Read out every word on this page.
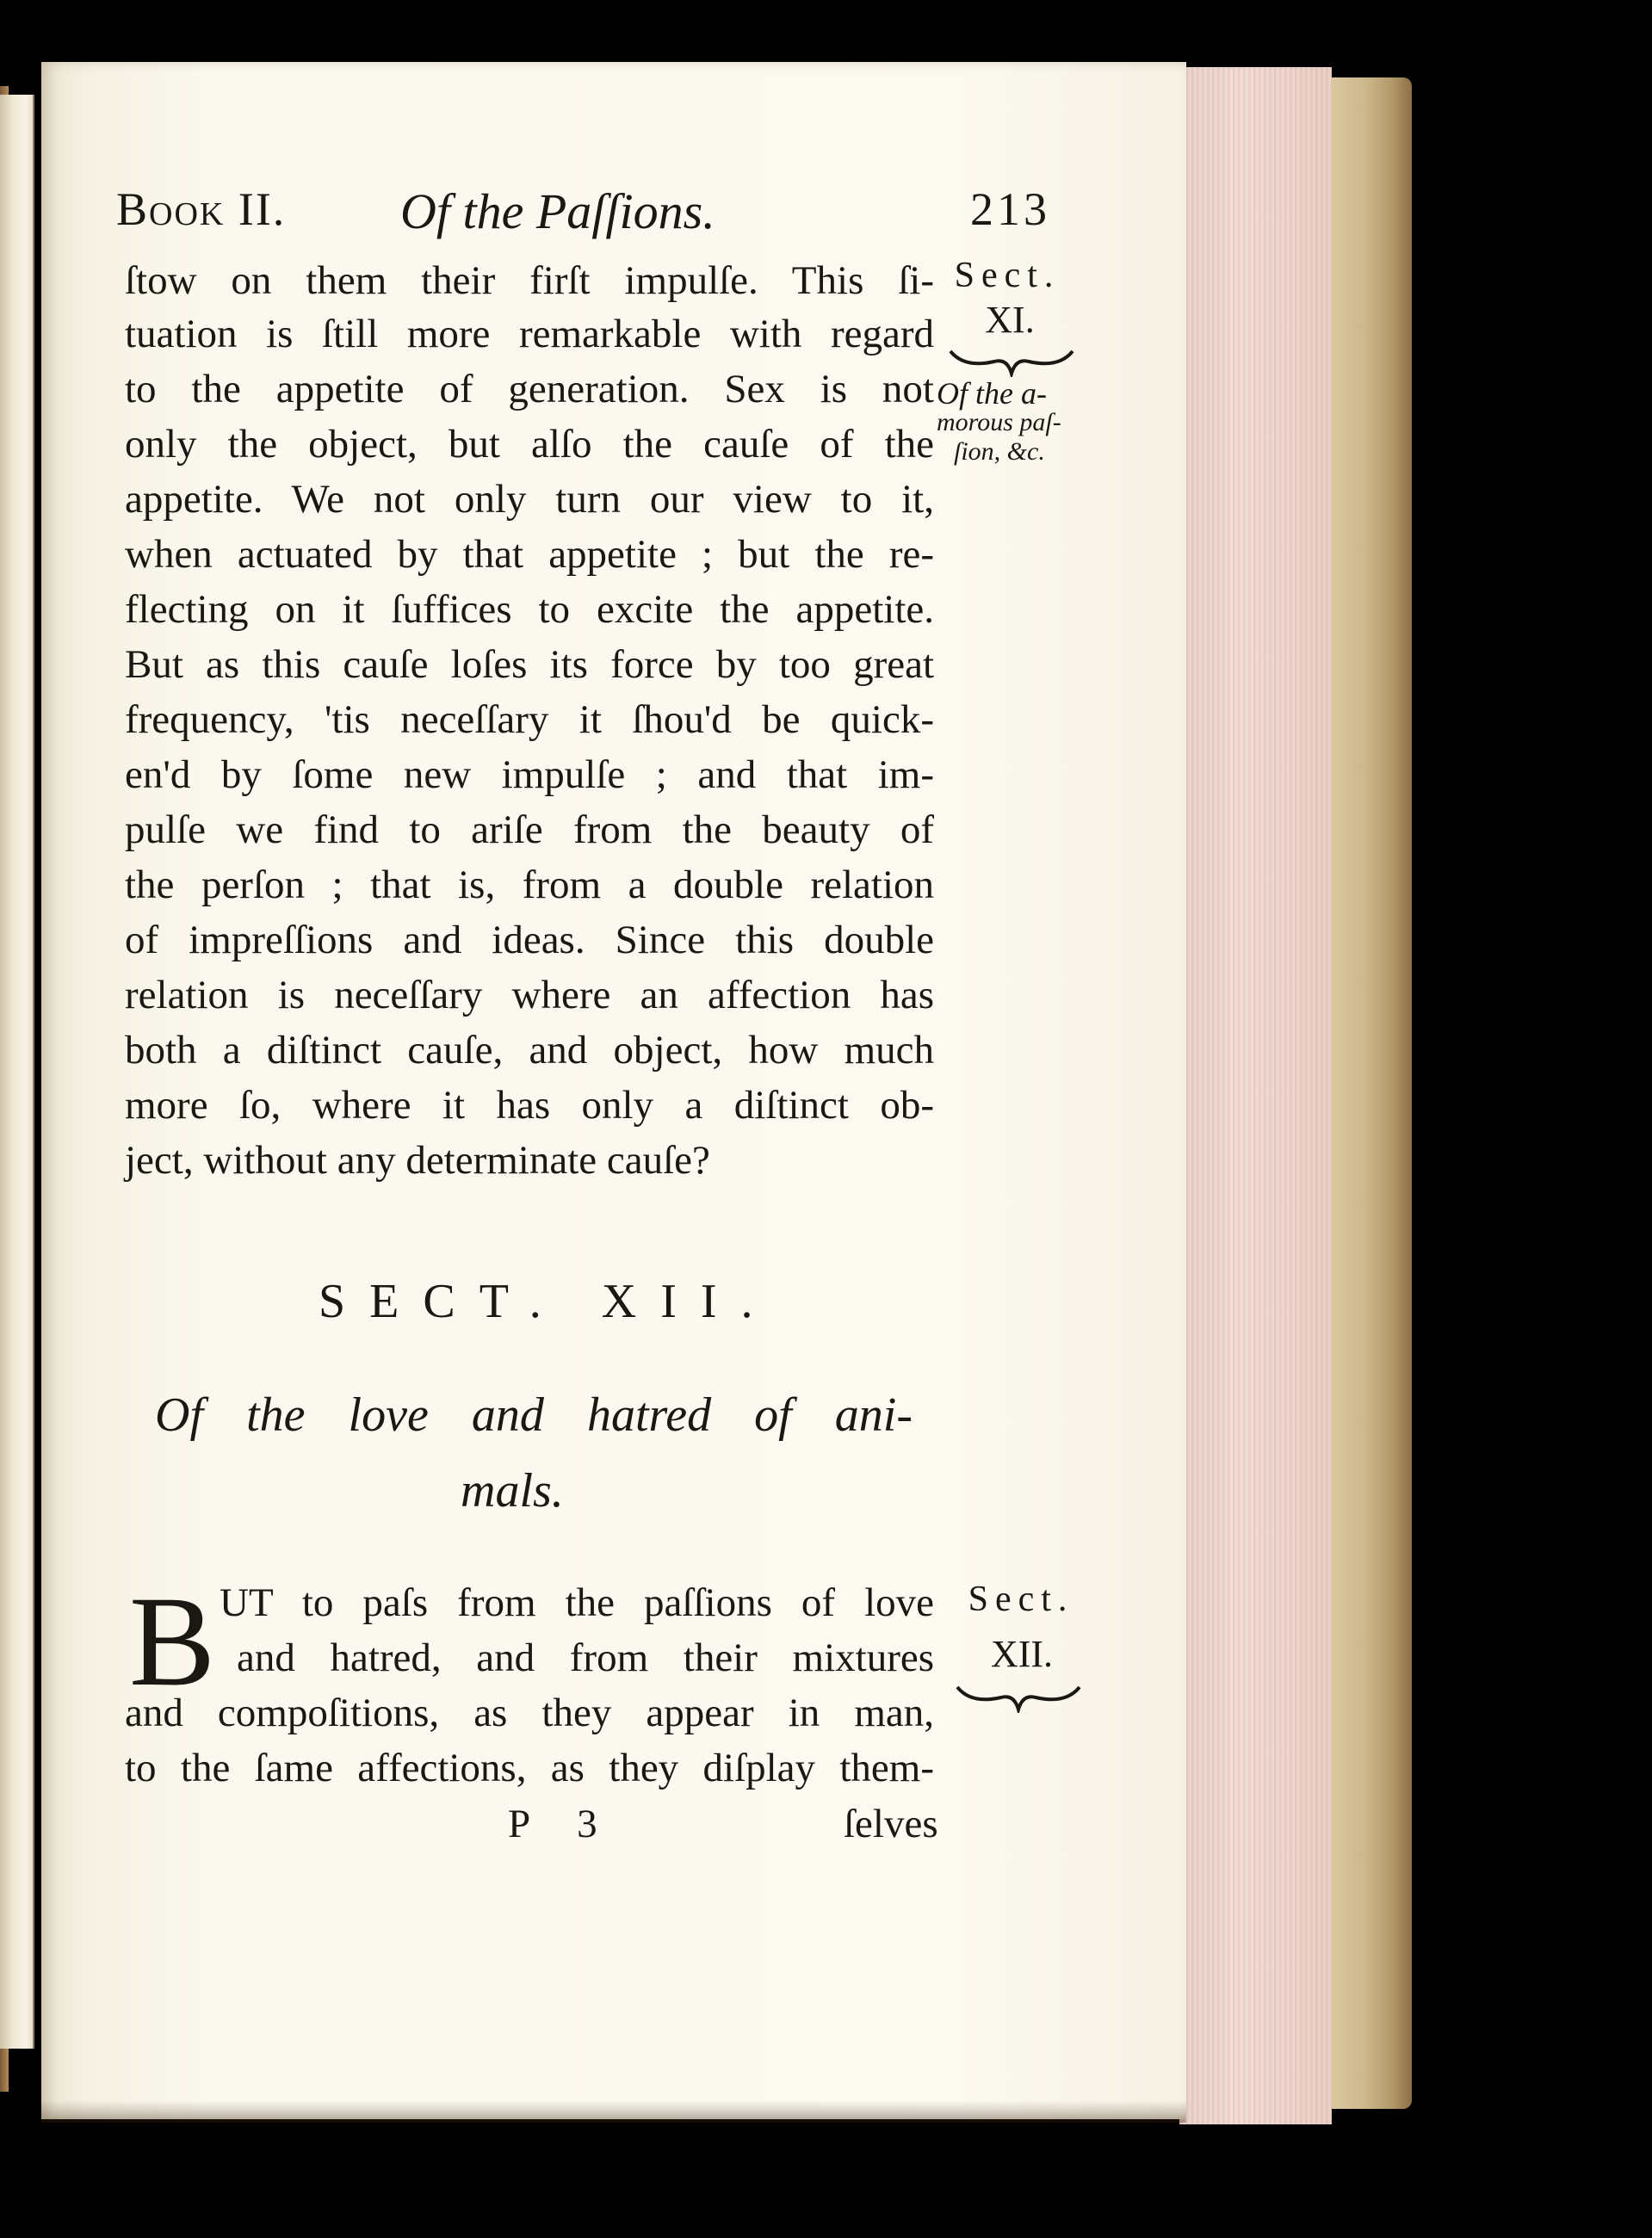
Book II. Of the Paſſions.	213
ſtow on them their firſt impulſe. This ſi-
tuation is ſtill more remarkable with regard
to the appetite of generation. Sex is not
only the object, but alſo the cauſe of the
appetite. We not only turn our view to it,
when actuated by that appetite ; but the re-
flecting on it ſuffices to excite the appetite.
But as this cauſe loſes its force by too great
frequency, 'tis neceſſary it ſhou'd be quick-
en'd by ſome new impulſe ; and that im-
pulſe we find to ariſe from the beauty of
the perſon ; that is, from a double relation
of impreſſions and ideas. Since this double
relation is neceſſary where an affection has
both a diſtinct cauſe, and object, how much
more ſo, where it has only a diſtinct ob-
ject, without any determinate cauſe?
Sect.
XI.
Of the a-
morous paſ-
ſion, &c.
SECT. XII.
Of the love and hatred of ani-
mals.
B UT to paſs from the paſſions of love
and hatred, and from their mixtures
and compoſitions, as they appear in man,
to the ſame affections, as they diſplay them-
Sect.
XII.
P 3	ſelves
